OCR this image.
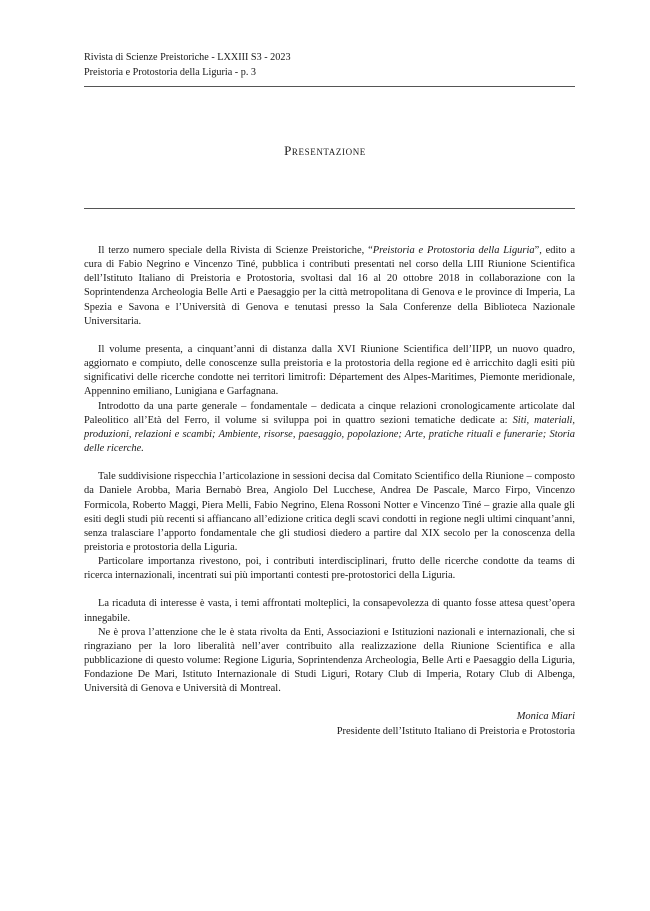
Rivista di Scienze Preistoriche - LXXIII S3 - 2023
Preistoria e Protostoria della Liguria - p. 3
Presentazione

Il terzo numero speciale della Rivista di Scienze Preistoriche, “Preistoria e Protostoria della Liguria”, edito a cura di Fabio Negrino e Vincenzo Tiné, pubblica i contributi presentati nel corso della LIII Riunione Scientifica dell’Istituto Italiano di Preistoria e Protostoria, svoltasi dal 16 al 20 ottobre 2018 in collaborazione con la Soprintendenza Archeologia Belle Arti e Paesaggio per la città metropolitana di Genova e le province di Imperia, La Spezia e Savona e l’Università di Genova e tenutasi presso la Sala Conferenze della Biblioteca Nazionale Universitaria.

Il volume presenta, a cinquant’anni di distanza dalla XVI Riunione Scientifica dell’IIPP, un nuovo quadro, aggiornato e compiuto, delle conoscenze sulla preistoria e la protostoria della regione ed è arricchito dagli esiti più significativi delle ricerche condotte nei territori limitrofi: Département des Alpes-Maritimes, Piemonte meridionale, Appennino emiliano, Lunigiana e Garfagnana.

Introdotto da una parte generale – fondamentale – dedicata a cinque relazioni cronologicamente articolate dal Paleolitico all’Età del Ferro, il volume si sviluppa poi in quattro sezioni tematiche dedicate a: Siti, materiali, produzioni, relazioni e scambi; Ambiente, risorse, paesaggio, popolazione; Arte, pratiche rituali e funerarie; Storia delle ricerche.

Tale suddivisione rispecchia l’articolazione in sessioni decisa dal Comitato Scientifico della Riunione – composto da Daniele Arobba, Maria Bernabò Brea, Angiolo Del Lucchese, Andrea De Pascale, Marco Firpo, Vincenzo Formicola, Roberto Maggi, Piera Melli, Fabio Negrino, Elena Rossoni Notter e Vincenzo Tiné – grazie alla quale gli esiti degli studi più recenti si affiancano all’edizione critica degli scavi condotti in regione negli ultimi cinquant’anni, senza tralasciare l’apporto fondamentale che gli studiosi diedero a partire dal XIX secolo per la conoscenza della preistoria e protostoria della Liguria.

Particolare importanza rivestono, poi, i contributi interdisciplinari, frutto delle ricerche condotte da teams di ricerca internazionali, incentrati sui più importanti contesti pre-protostorici della Liguria.

La ricaduta di interesse è vasta, i temi affrontati molteplici, la consapevolezza di quanto fosse attesa quest’opera innegabile.

Ne è prova l’attenzione che le è stata rivolta da Enti, Associazioni e Istituzioni nazionali e internazionali, che si ringraziano per la loro liberalità nell’aver contribuito alla realizzazione della Riunione Scientifica e alla pubblicazione di questo volume: Regione Liguria, Soprintendenza Archeologia, Belle Arti e Paesaggio della Liguria, Fondazione De Mari, Istituto Internazionale di Studi Liguri, Rotary Club di Imperia, Rotary Club di Albenga, Università di Genova e Università di Montreal.

Monica Miari
Presidente dell’Istituto Italiano di Preistoria e Protostoria
